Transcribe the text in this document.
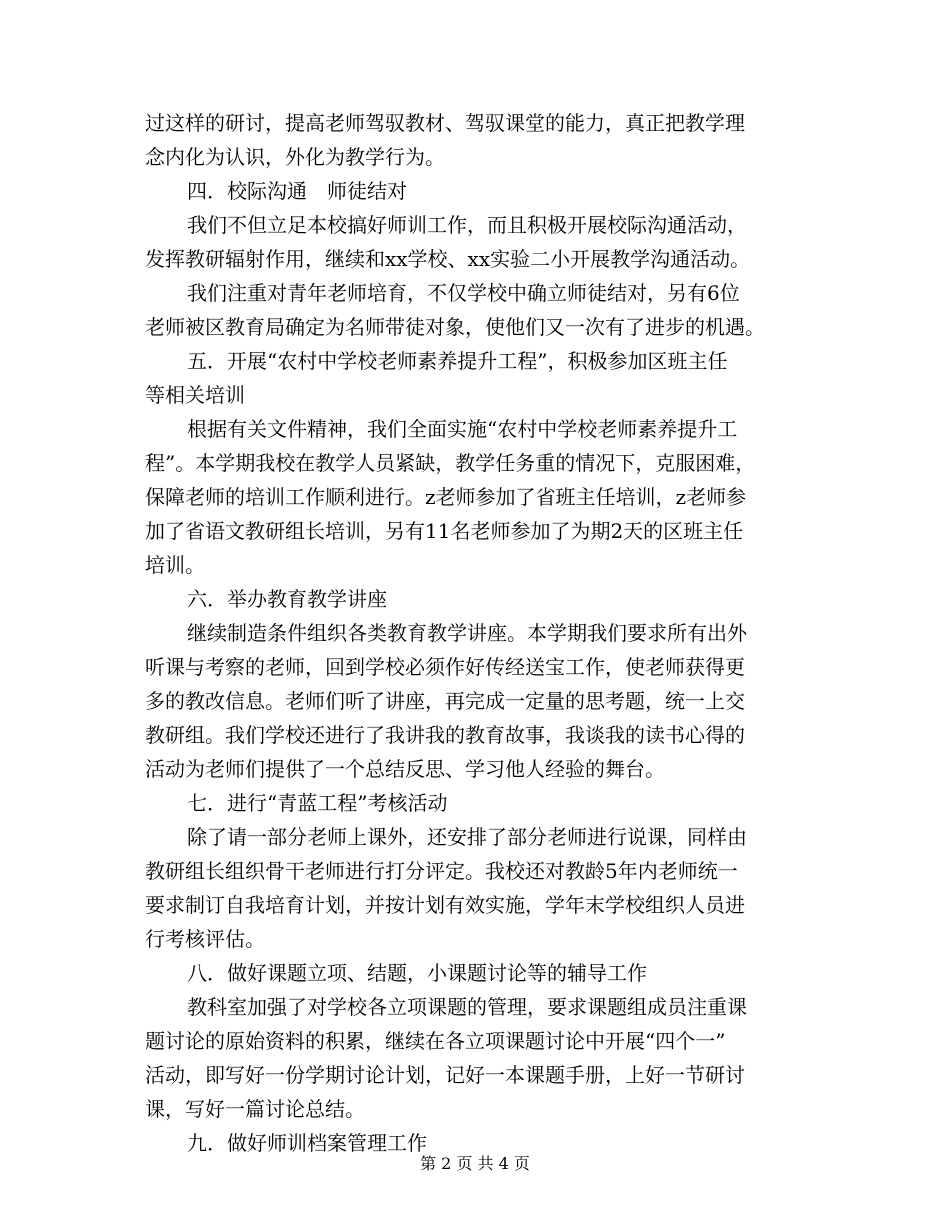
过这样的研讨，提高老师驾驭教材、驾驭课堂的能力，真正把教学理
念内化为认识，外化为教学行为。
四．校际沟通　师徒结对
我们不但立足本校搞好师训工作，而且积极开展校际沟通活动，
发挥教研辐射作用，继续和xx学校、xx实验二小开展教学沟通活动。
我们注重对青年老师培育，不仅学校中确立师徒结对，另有6位
老师被区教育局确定为名师带徒对象，使他们又一次有了进步的机遇。
五．开展“农村中学校老师素养提升工程”，积极参加区班主任
等相关培训
根据有关文件精神，我们全面实施“农村中学校老师素养提升工
程”。本学期我校在教学人员紧缺，教学任务重的情况下，克服困难，
保障老师的培训工作顺利进行。z老师参加了省班主任培训，z老师参
加了省语文教研组长培训，另有11名老师参加了为期2天的区班主任
培训。
六．举办教育教学讲座
继续制造条件组织各类教育教学讲座。本学期我们要求所有出外
听课与考察的老师，回到学校必须作好传经送宝工作，使老师获得更
多的教改信息。老师们听了讲座，再完成一定量的思考题，统一上交
教研组。我们学校还进行了我讲我的教育故事，我谈我的读书心得的
活动为老师们提供了一个总结反思、学习他人经验的舞台。
七．进行“青蓝工程”考核活动
除了请一部分老师上课外，还安排了部分老师进行说课，同样由
教研组长组织骨干老师进行打分评定。我校还对教龄5年内老师统一
要求制订自我培育计划，并按计划有效实施，学年末学校组织人员进
行考核评估。
八．做好课题立项、结题，小课题讨论等的辅导工作
教科室加强了对学校各立项课题的管理，要求课题组成员注重课
题讨论的原始资料的积累，继续在各立项课题讨论中开展“四个一”
活动，即写好一份学期讨论计划，记好一本课题手册，上好一节研讨
课，写好一篇讨论总结。
九．做好师训档案管理工作
第 2 页 共 4 页
